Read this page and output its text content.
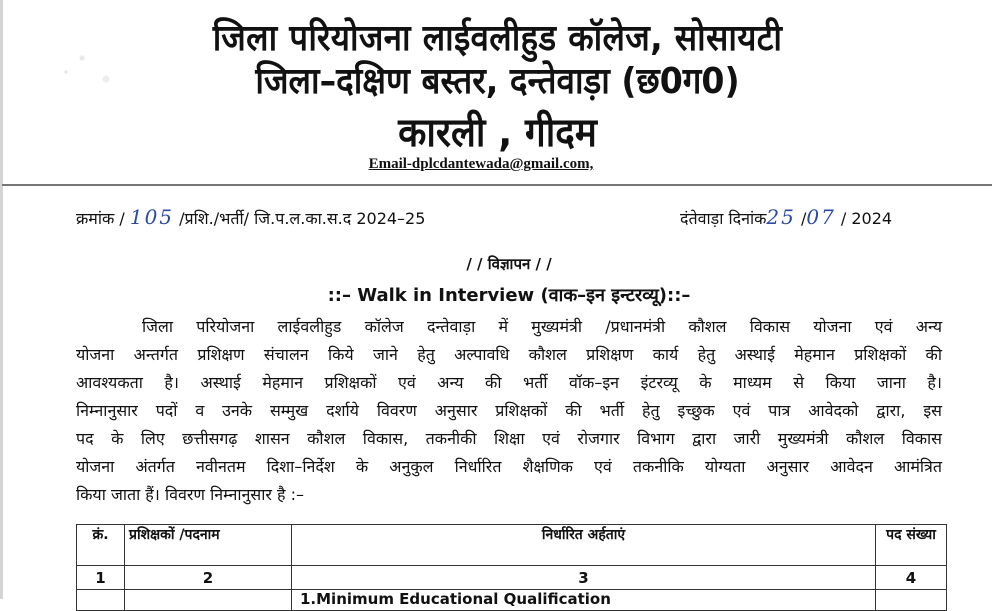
जिला परियोजना लाईवलीहुड कॉलेज, सोसायटी
जिला–दक्षिण बस्तर, दन्तेवाड़ा (छ0ग0)
कारली , गीदम
Email-dplcdantewada@gmail.com,
क्रमांक / 105 /प्रशि./भर्ती/ जि.प.ल.का.स.द 2024–25	दंतेवाड़ा दिनांक25 /07 / 2024
/ / विज्ञापन / /
::– Walk in Interview (वाक–इन इन्टरव्यू)::–
जिला परियोजना लाईवलीहुड कॉलेज दन्तेवाड़ा में मुख्यमंत्री /प्रधानमंत्री कौशल विकास योजना एवं अन्य
योजना अन्तर्गत प्रशिक्षण संचालन किये जाने हेतु अल्पावधि कौशल प्रशिक्षण कार्य हेतु अस्थाई मेहमान प्रशिक्षकों की
आवश्यकता है। अस्थाई मेहमान प्रशिक्षकों एवं अन्य की भर्ती वॉक–इन इंटरव्यू के माध्यम से किया जाना है।
निम्नानुसार पदों व उनके सम्मुख दर्शाये विवरण अनुसार प्रशिक्षकों की भर्ती हेतु इच्छुक एवं पात्र आवेदको द्वारा, इस
पद के लिए छत्तीसगढ़ शासन कौशल विकास, तकनीकी शिक्षा एवं रोजगार विभाग द्वारा जारी मुख्यमंत्री कौशल विकास
योजना अंतर्गत नवीनतम दिशा–निर्देश के अनुकुल निर्धारित शैक्षणिक एवं तकनीकि योग्यता अनुसार आवेदन आमंत्रित
किया जाता हैं। विवरण निम्नानुसार है :–
क्रं.	प्रशिक्षकों /पदनाम	निर्धारित अर्हताएं	पद संख्या
1	2	3	4
		1.Minimum Educational Qualification	
